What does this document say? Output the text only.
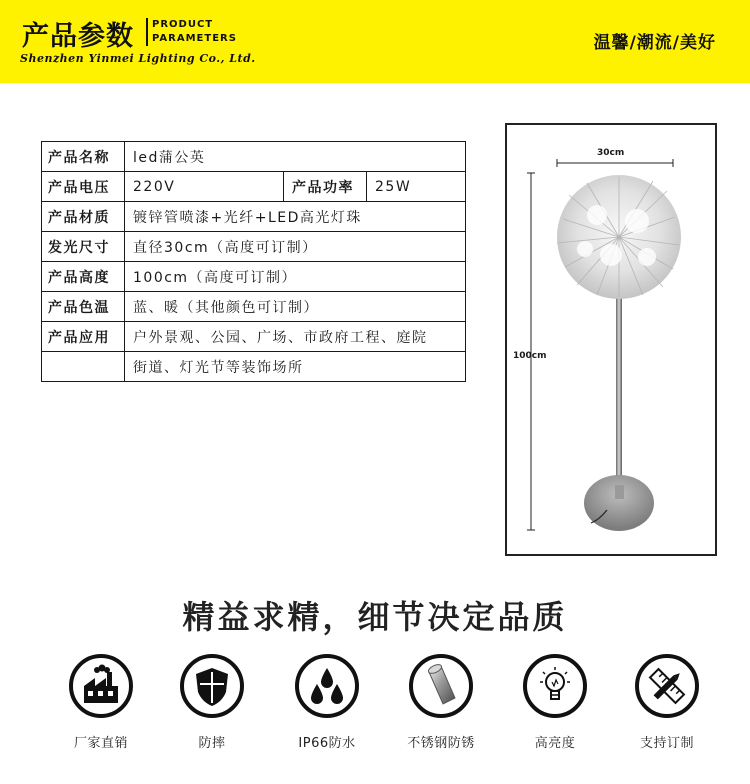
产品参数 PRODUCT
PARAMETERS
Shenzhen Yinmei Lighting Co., Ltd.
温馨/潮流/美好
产品名称	led蒲公英		
产品电压	220V	产品功率	25W
产品材质	镀锌管喷漆+光纤+LED高光灯珠		
发光尺寸	直径30cm（高度可订制）		
产品高度	100cm（高度可订制）		
产品色温	蓝、暖（其他颜色可订制）		
产品应用	户外景观、公园、广场、市政府工程、庭院		
	街道、灯光节等装饰场所		
30cm
100cm
精益求精，细节决定品质
厂家直销	防摔	IP66防水	不锈钢防锈	高亮度	支持订制
